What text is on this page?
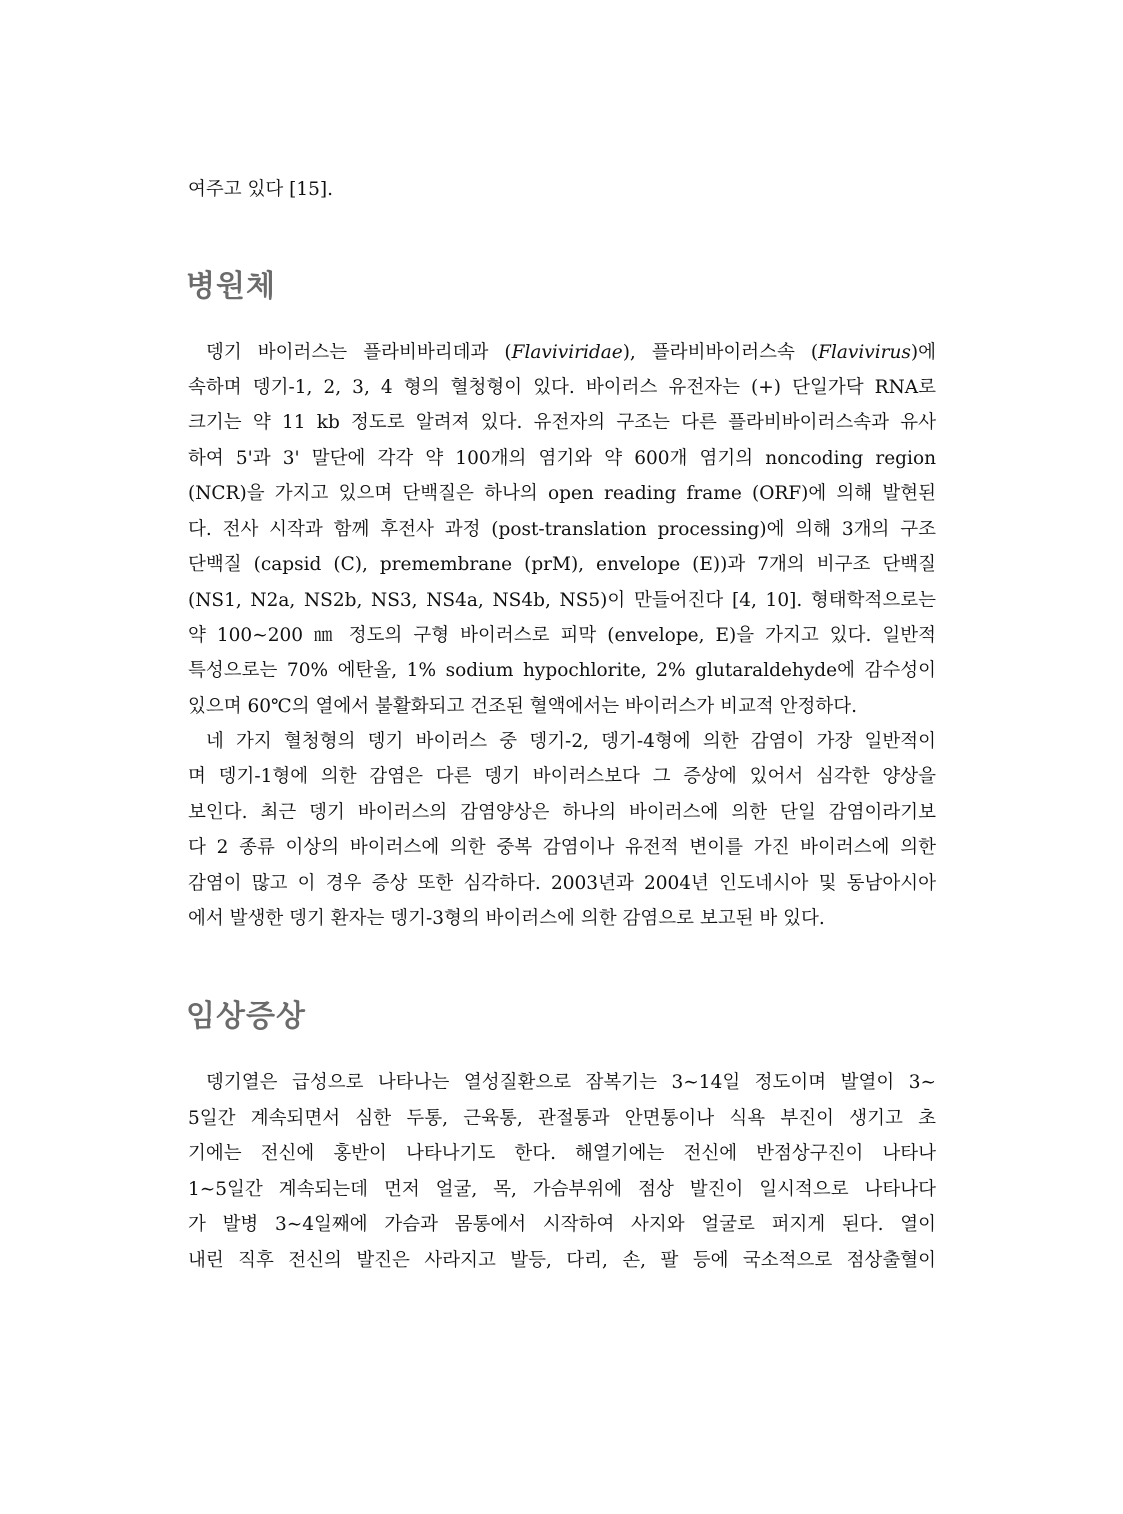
여주고 있다 [15].
병원체
뎅기 바이러스는 플라비바리데과 (Flaviviridae), 플라비바이러스속 (Flavivirus)에
속하며 뎅기-1, 2, 3, 4 형의 혈청형이 있다. 바이러스 유전자는 (+) 단일가닥 RNA로
크기는 약 11 kb 정도로 알려져 있다. 유전자의 구조는 다른 플라비바이러스속과 유사
하여 5'과 3' 말단에 각각 약 100개의 염기와 약 600개 염기의 noncoding region
(NCR)을 가지고 있으며 단백질은 하나의 open reading frame (ORF)에 의해 발현된
다. 전사 시작과 함께 후전사 과정 (post-translation processing)에 의해 3개의 구조
단백질 (capsid (C), premembrane (prM), envelope (E))과 7개의 비구조 단백질
(NS1, N2a, NS2b, NS3, NS4a, NS4b, NS5)이 만들어진다 [4, 10]. 형태학적으로는
약 100∼200 ㎚ 정도의 구형 바이러스로 피막 (envelope, E)을 가지고 있다. 일반적
특성으로는 70% 에탄올, 1% sodium hypochlorite, 2% glutaraldehyde에 감수성이
있으며 60℃의 열에서 불활화되고 건조된 혈액에서는 바이러스가 비교적 안정하다.
네 가지 혈청형의 뎅기 바이러스 중 뎅기-2, 뎅기-4형에 의한 감염이 가장 일반적이
며 뎅기-1형에 의한 감염은 다른 뎅기 바이러스보다 그 증상에 있어서 심각한 양상을
보인다. 최근 뎅기 바이러스의 감염양상은 하나의 바이러스에 의한 단일 감염이라기보
다 2 종류 이상의 바이러스에 의한 중복 감염이나 유전적 변이를 가진 바이러스에 의한
감염이 많고 이 경우 증상 또한 심각하다. 2003년과 2004년 인도네시아 및 동남아시아
에서 발생한 뎅기 환자는 뎅기-3형의 바이러스에 의한 감염으로 보고된 바 있다.
임상증상
뎅기열은 급성으로 나타나는 열성질환으로 잠복기는 3∼14일 정도이며 발열이 3∼
5일간 계속되면서 심한 두통, 근육통, 관절통과 안면통이나 식욕 부진이 생기고 초
기에는 전신에 홍반이 나타나기도 한다. 해열기에는 전신에 반점상구진이 나타나
1∼5일간 계속되는데 먼저 얼굴, 목, 가슴부위에 점상 발진이 일시적으로 나타나다
가 발병 3∼4일째에 가슴과 몸통에서 시작하여 사지와 얼굴로 퍼지게 된다. 열이
내린 직후 전신의 발진은 사라지고 발등, 다리, 손, 팔 등에 국소적으로 점상출혈이
